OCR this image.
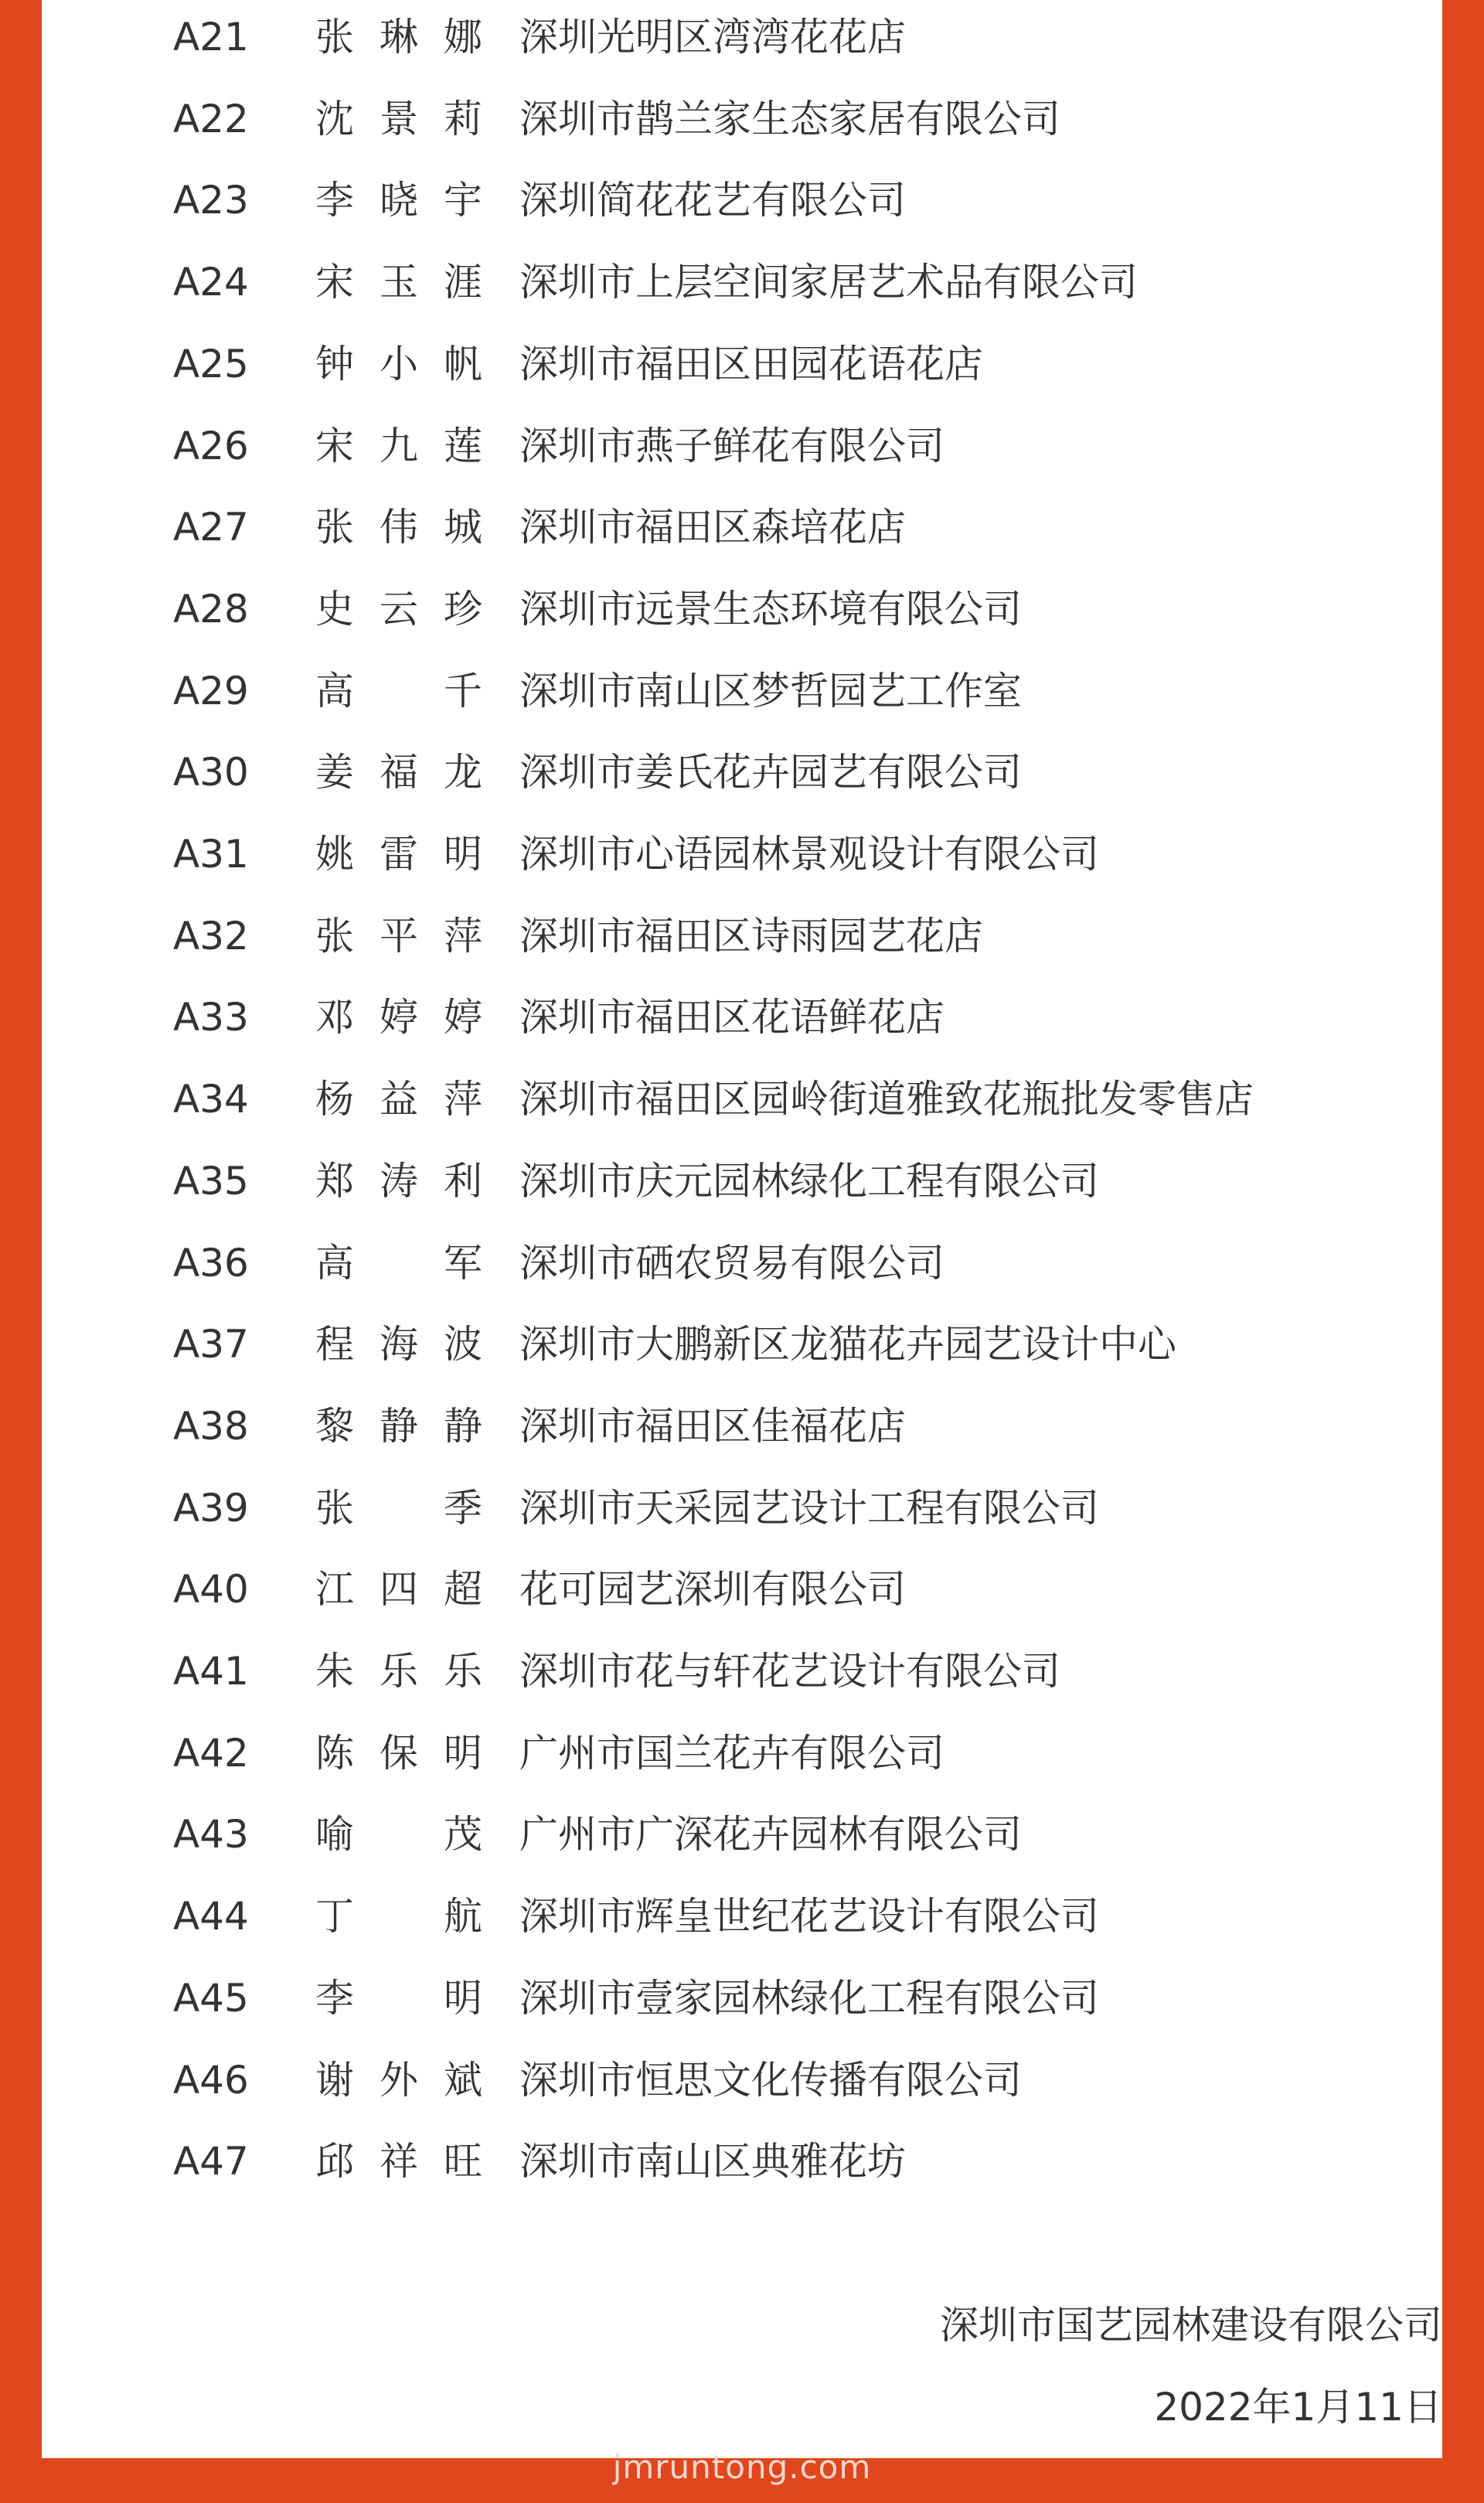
A21 张琳娜 深圳光明区湾湾花花店
A22 沈景莉 深圳市鹊兰家生态家居有限公司
A23 李晓宇 深圳简花花艺有限公司
A24 宋玉涯 深圳市上层空间家居艺术品有限公司
A25 钟小帆 深圳市福田区田园花语花店
A26 宋九莲 深圳市燕子鲜花有限公司
A27 张伟城 深圳市福田区森培花店
A28 史云珍 深圳市远景生态环境有限公司
A29 高 千 深圳市南山区梦哲园艺工作室
A30 姜福龙 深圳市姜氏花卉园艺有限公司
A31 姚雷明 深圳市心语园林景观设计有限公司
A32 张平萍 深圳市福田区诗雨园艺花店
A33 邓婷婷 深圳市福田区花语鲜花店
A34 杨益萍 深圳市福田区园岭街道雅致花瓶批发零售店
A35 郑涛利 深圳市庆元园林绿化工程有限公司
A36 高 军 深圳市硒农贸易有限公司
A37 程海波 深圳市大鹏新区龙猫花卉园艺设计中心
A38 黎静静 深圳市福田区佳福花店
A39 张 季 深圳市天采园艺设计工程有限公司
A40 江四超 花可园艺深圳有限公司
A41 朱乐乐 深圳市花与轩花艺设计有限公司
A42 陈保明 广州市国兰花卉有限公司
A43 喻 茂 广州市广深花卉园林有限公司
A44 丁 航 深圳市辉皇世纪花艺设计有限公司
A45 李 明 深圳市壹家园林绿化工程有限公司
A46 谢外斌 深圳市恒思文化传播有限公司
A47 邱祥旺 深圳市南山区典雅花坊
深圳市国艺园林建设有限公司
2022年1月11日
jmruntong.com
